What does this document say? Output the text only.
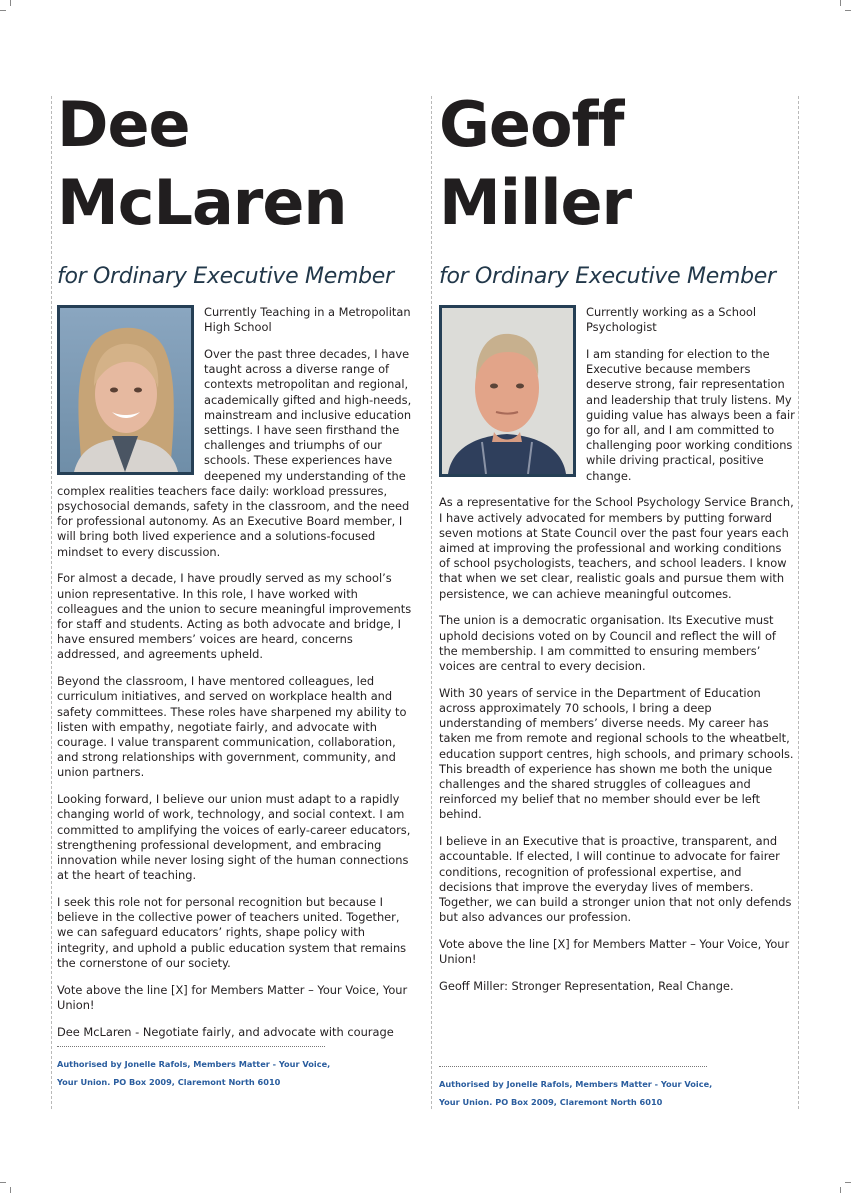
Dee
McLaren
for Ordinary Executive Member

Currently Teaching in a Metropolitan High School

Over the past three decades, I have taught across a diverse range of contexts metropolitan and regional, academically gifted and high-needs, mainstream and inclusive education settings. I have seen firsthand the challenges and triumphs of our schools. These experiences have deepened my understanding of the complex realities teachers face daily: workload pressures, psychosocial demands, safety in the classroom, and the need for professional autonomy. As an Executive Board member, I will bring both lived experience and a solutions-focused mindset to every discussion.

For almost a decade, I have proudly served as my school’s union representative. In this role, I have worked with colleagues and the union to secure meaningful improvements for staff and students. Acting as both advocate and bridge, I have ensured members’ voices are heard, concerns addressed, and agreements upheld.

Beyond the classroom, I have mentored colleagues, led curriculum initiatives, and served on workplace health and safety committees. These roles have sharpened my ability to listen with empathy, negotiate fairly, and advocate with courage. I value transparent communication, collaboration, and strong relationships with government, community, and union partners.

Looking forward, I believe our union must adapt to a rapidly changing world of work, technology, and social context. I am committed to amplifying the voices of early-career educators, strengthening professional development, and embracing innovation while never losing sight of the human connections at the heart of teaching.

I seek this role not for personal recognition but because I believe in the collective power of teachers united. Together, we can safeguard educators’ rights, shape policy with integrity, and uphold a public education system that remains the cornerstone of our society.

Vote above the line [X] for Members Matter – Your Voice, Your Union!

Dee McLaren - Negotiate fairly, and advocate with courage

Authorised by Jonelle Rafols, Members Matter - Your Voice,
Your Union. PO Box 2009, Claremont North 6010
Geoff
Miller
for Ordinary Executive Member

Currently working as a School Psychologist

I am standing for election to the Executive because members deserve strong, fair representation and leadership that truly listens. My guiding value has always been a fair go for all, and I am committed to challenging poor working conditions while driving practical, positive change.

As a representative for the School Psychology Service Branch, I have actively advocated for members by putting forward seven motions at State Council over the past four years each aimed at improving the professional and working conditions of school psychologists, teachers, and school leaders. I know that when we set clear, realistic goals and pursue them with persistence, we can achieve meaningful outcomes.

The union is a democratic organisation. Its Executive must uphold decisions voted on by Council and reflect the will of the membership. I am committed to ensuring members’ voices are central to every decision.

With 30 years of service in the Department of Education across approximately 70 schools, I bring a deep understanding of members’ diverse needs. My career has taken me from remote and regional schools to the wheatbelt, education support centres, high schools, and primary schools. This breadth of experience has shown me both the unique challenges and the shared struggles of colleagues and reinforced my belief that no member should ever be left behind.

I believe in an Executive that is proactive, transparent, and accountable. If elected, I will continue to advocate for fairer conditions, recognition of professional expertise, and decisions that improve the everyday lives of members. Together, we can build a stronger union that not only defends but also advances our profession.

Vote above the line [X] for Members Matter – Your Voice, Your Union!

Geoff Miller: Stronger Representation, Real Change.

Authorised by Jonelle Rafols, Members Matter - Your Voice,
Your Union. PO Box 2009, Claremont North 6010
